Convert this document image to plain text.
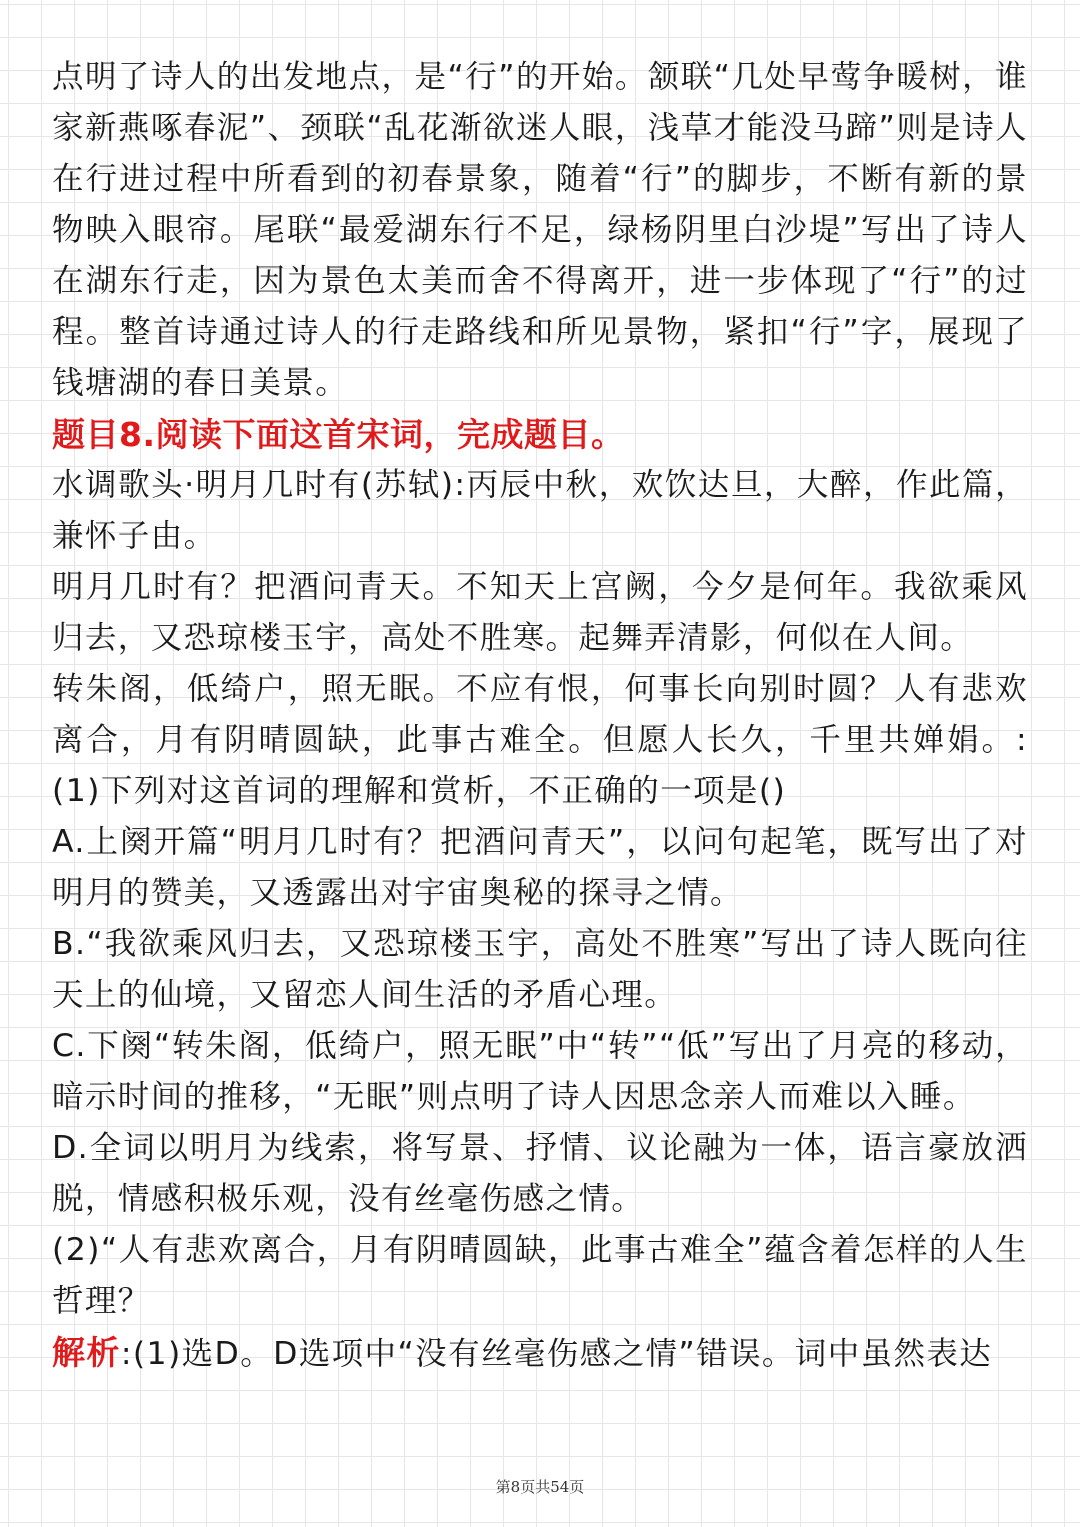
点明了诗人的出发地点，是“行”的开始。颔联“几处早莺争暖树，谁家新燕啄春泥”、颈联“乱花渐欲迷人眼，浅草才能没马蹄”则是诗人在行进过程中所看到的初春景象，随着“行”的脚步，不断有新的景物映入眼帘。尾联“最爱湖东行不足，绿杨阴里白沙堤”写出了诗人在湖东行走，因为景色太美而舍不得离开，进一步体现了“行”的过程。整首诗通过诗人的行走路线和所见景物，紧扣“行”字，展现了钱塘湖的春日美景。

题目8.阅读下面这首宋词，完成题目。

水调歌头·明月几时有(苏轼):丙辰中秋，欢饮达旦，大醉，作此篇，兼怀子由。

明月几时有？把酒问青天。不知天上宫阙，今夕是何年。我欲乘风归去，又恐琼楼玉宇，高处不胜寒。起舞弄清影，何似在人间。

转朱阁，低绮户，照无眠。不应有恨，何事长向别时圆？人有悲欢离合，月有阴晴圆缺，此事古难全。但愿人长久，千里共婵娟。:(1)下列对这首词的理解和赏析，不正确的一项是()

A.上阕开篇“明月几时有？把酒问青天”，以问句起笔，既写出了对明月的赞美，又透露出对宇宙奥秘的探寻之情。

B.“我欲乘风归去，又恐琼楼玉宇，高处不胜寒”写出了诗人既向往天上的仙境，又留恋人间生活的矛盾心理。

C.下阕“转朱阁，低绮户，照无眠”中“转”“低”写出了月亮的移动，暗示时间的推移，“无眠”则点明了诗人因思念亲人而难以入睡。

D.全词以明月为线索，将写景、抒情、议论融为一体，语言豪放洒脱，情感积极乐观，没有丝毫伤感之情。

(2)“人有悲欢离合，月有阴晴圆缺，此事古难全”蕴含着怎样的人生哲理？

解析:(1)选D。D选项中“没有丝毫伤感之情”错误。词中虽然表达

第8页共54页
